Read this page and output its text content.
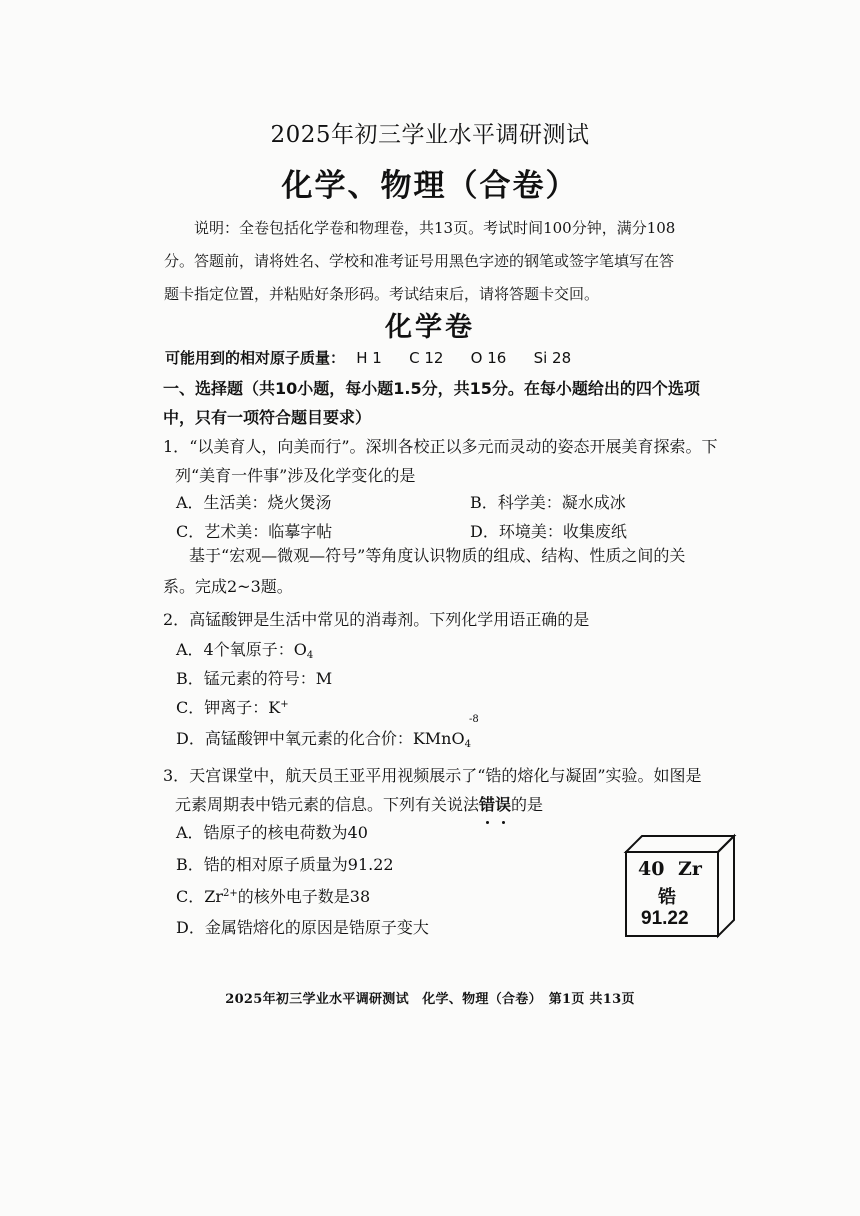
2025年初三学业水平调研测试
化学、物理（合卷）
说明：全卷包括化学卷和物理卷，共13页。考试时间100分钟，满分108
分。答题前，请将姓名、学校和准考证号用黑色字迹的钢笔或签字笔填写在答
题卡指定位置，并粘贴好条形码。考试结束后，请将答题卡交回。
化学卷
可能用到的相对原子质量： H 1 C 12 O 16 Si 28
一、选择题（共10小题，每小题1.5分，共15分。在每小题给出的四个选项
中，只有一项符合题目要求）
1．“以美育人，向美而行”。深圳各校正以多元而灵动的姿态开展美育探索。下
列“美育一件事”涉及化学变化的是
A．生活美：烧火煲汤	B．科学美：凝水成冰
C．艺术美：临摹字帖	D．环境美：收集废纸
基于“宏观—微观—符号”等角度认识物质的组成、结构、性质之间的关
系。完成2~3题。
2．高锰酸钾是生活中常见的消毒剂。下列化学用语正确的是
A．4个氧原子：$O_4$
B．锰元素的符号：M
C．钾离子：K+
D．高锰酸钾中氧元素的化合价：KMnO$_4$
-8
3．天宫课堂中，航天员王亚平用视频展示了“锆的熔化与凝固”实验。如图是
元素周期表中锆元素的信息。下列有关说法错误的是
A．锆原子的核电荷数为40
B．锆的相对原子质量为91.22
C．$Zr^{2+}$的核外电子数是38
D．金属锆熔化的原因是锆原子变大
40 Zr
锆
91.22
2025年初三学业水平调研测试　化学、物理（合卷）　第1页 共13页
